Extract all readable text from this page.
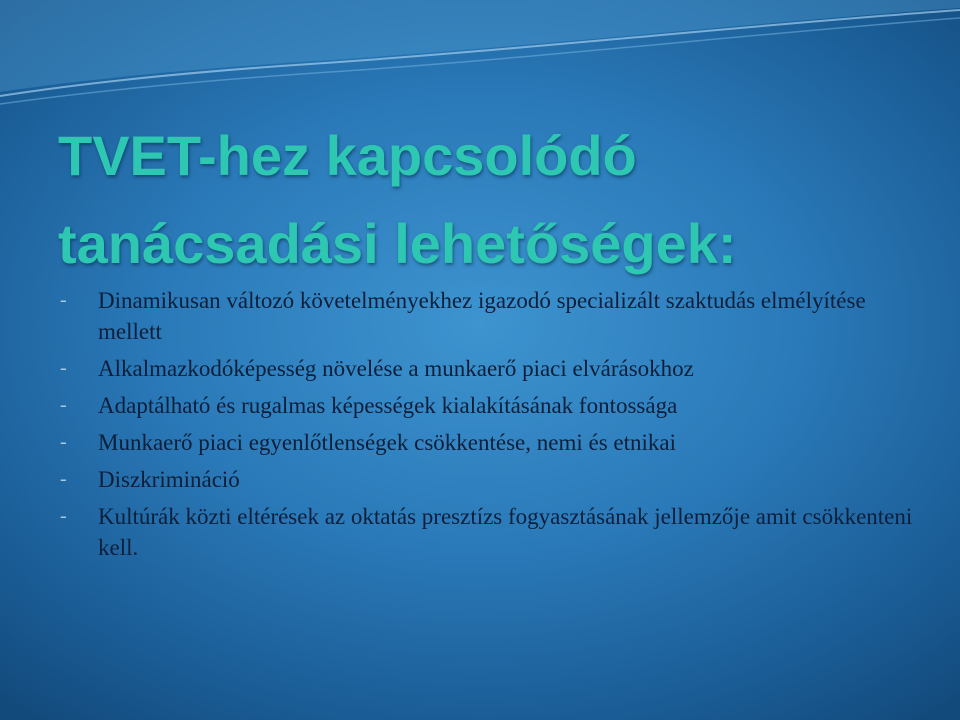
TVET-hez kapcsolódó
tanácsadási lehetőségek:
- Dinamikusan változó követelményekhez igazodó specializált szaktudás elmélyítése mellett
- Alkalmazkodóképesség növelése a munkaerő piaci elvárásokhoz
- Adaptálható és rugalmas képességek kialakításának fontossága
- Munkaerő piaci egyenlőtlenségek csökkentése, nemi és etnikai
- Diszkrimináció
- Kultúrák közti eltérések az oktatás presztízs fogyasztásának jellemzője amit csökkenteni kell.
